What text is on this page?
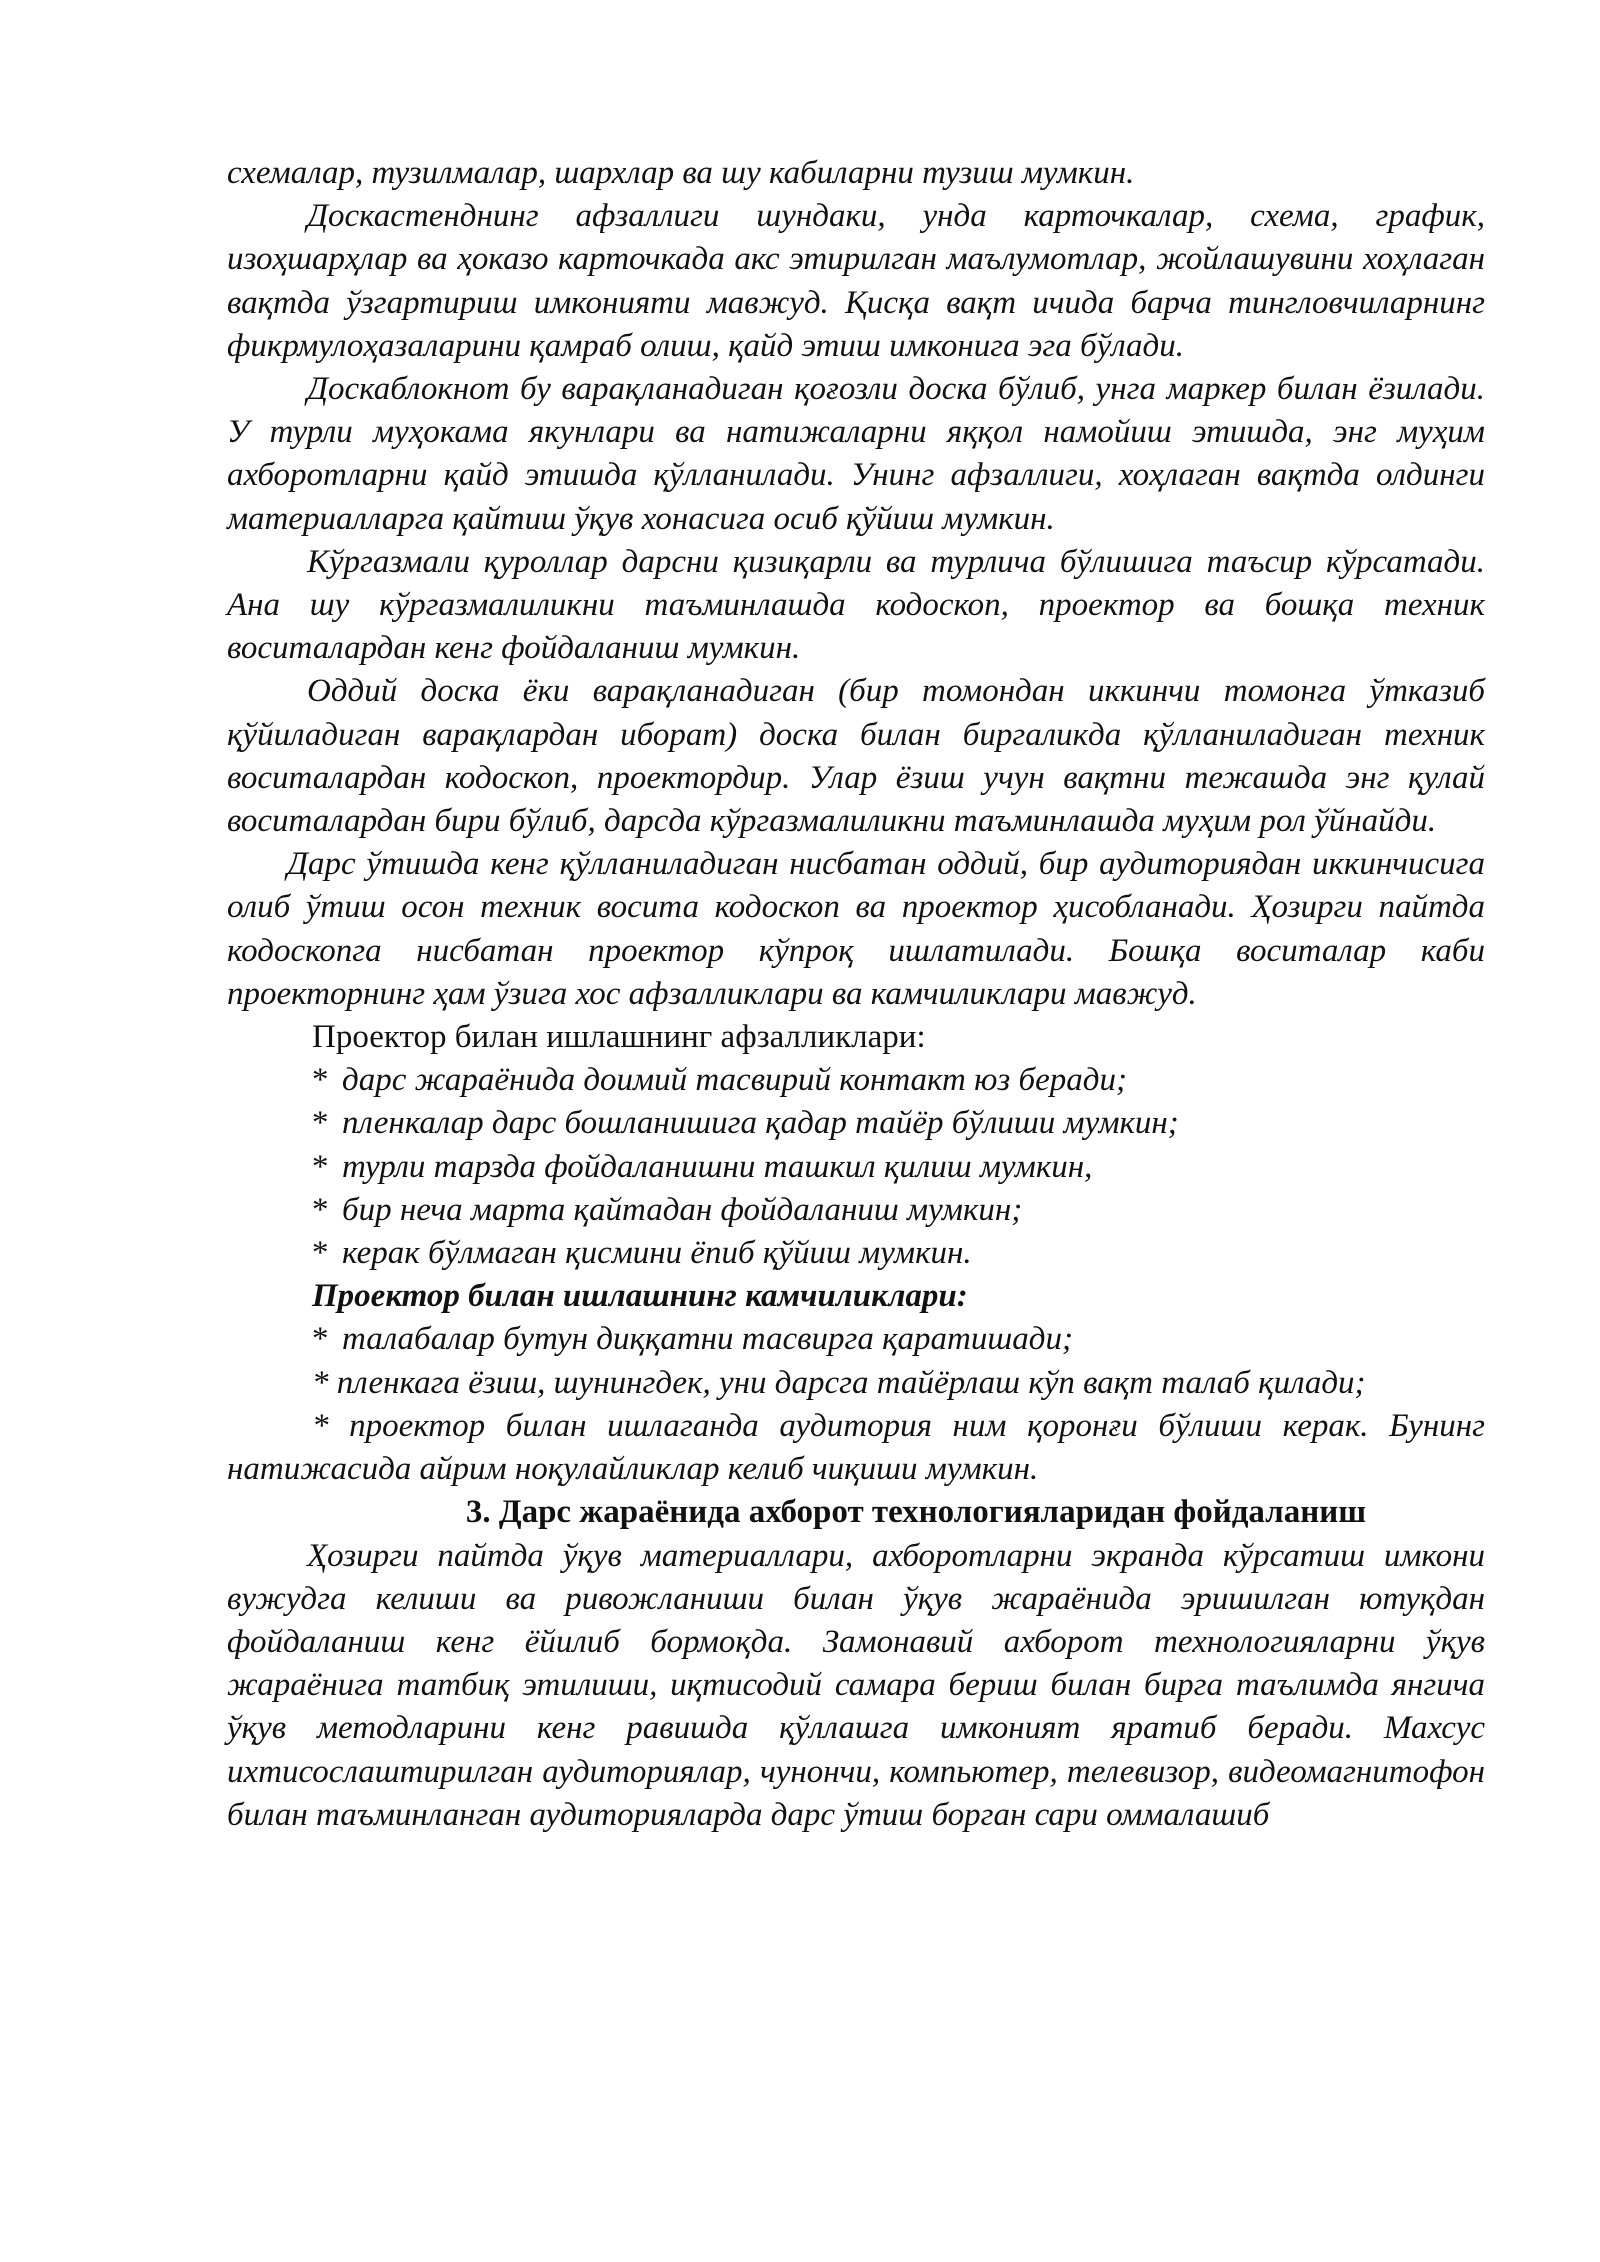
схемалар, тузилмалар, шархлар ва шу кабиларни тузиш мумкин.

Доскастенднинг афзаллиги шундаки, унда карточкалар, схема, график, изоҳшарҳлар ва ҳоказо карточкада акс этирилган маълумотлар, жойлашувини хоҳлаган вақтда ўзгартириш имконияти мавжуд. Қисқа вақт ичида барча тингловчиларнинг фикрмулоҳазаларини қамраб олиш, қайд этиш имконига эга бўлади.

Доскаблокнот бу варақланадиган қоғозли доска бўлиб, унга маркер билан ёзилади. У турли муҳокама якунлари ва натижаларни яққол намойиш этишда, энг муҳим ахборотларни қайд этишда қўлланилади. Унинг афзаллиги, хоҳлаган вақтда олдинги материалларга қайтиш ўқув хонасига осиб қўйиш мумкин.

Кўргазмали қуроллар дарсни қизиқарли ва турлича бўлишига таъсир кўрсатади. Ана шу кўргазмалиликни таъминлашда кодоскоп, проектор ва бошқа техник воситалардан кенг фойдаланиш мумкин.

Оддий доска ёки варақланадиган (бир томондан иккинчи томонга ўтказиб қўйиладиган варақлардан иборат) доска билан биргаликда қўлланиладиган техник воситалардан кодоскоп, проектордир. Улар ёзиш учун вақтни тежашда энг қулай воситалардан бири бўлиб, дарсда кўргазмалиликни таъминлашда муҳим рол ўйнайди.

Дарс ўтишда кенг қўлланиладиган нисбатан оддий, бир аудиториядан иккинчисига олиб ўтиш осон техник восита кодоскоп ва проектор ҳисобланади. Ҳозирги пайтда кодоскопга нисбатан проектор кўпроқ ишлатилади. Бошқа воситалар каби проекторнинг ҳам ўзига хос афзалликлари ва камчиликлари мавжуд.

Проектор билан ишлашнинг афзалликлари:

* дарс жараёнида доимий тасвирий контакт юз беради;
* пленкалар дарс бошланишига қадар тайёр бўлиши мумкин;
* турли тарзда фойдаланишни ташкил қилиш мумкин,
* бир неча марта қайтадан фойдаланиш мумкин;
* керак бўлмаган қисмини ёпиб қўйиш мумкин.

Проектор билан ишлашнинг камчиликлари:

* талабалар бутун диққатни тасвирга қаратишади;

* пленкага ёзиш, шунингдек, уни дарсга тайёрлаш кўп вақт талаб қилади;

* проектор билан ишлаганда аудитория ним қоронғи бўлиши керак. Бунинг натижасида айрим ноқулайликлар келиб чиқиши мумкин.

3. Дарс жараёнида ахборот технологияларидан фойдаланиш

Ҳозирги пайтда ўқув материаллари, ахборотларни экранда кўрсатиш имкони вужудга келиши ва ривожланиши билан ўқув жараёнида эришилган ютуқдан фойдаланиш кенг ёйилиб бормоқда. Замонавий ахборот технологияларни ўқув жараёнига татбиқ этилиши, иқтисодий самара бериш билан бирга таълимда янгича ўқув методларини кенг равишда қўллашга имконият яратиб беради. Махсус ихтисослаштирилган аудиториялар, чунончи, компьютер, телевизор, видеомагнитофон билан таъминланган аудиторияларда дарс ўтиш борган сари оммалашиб
